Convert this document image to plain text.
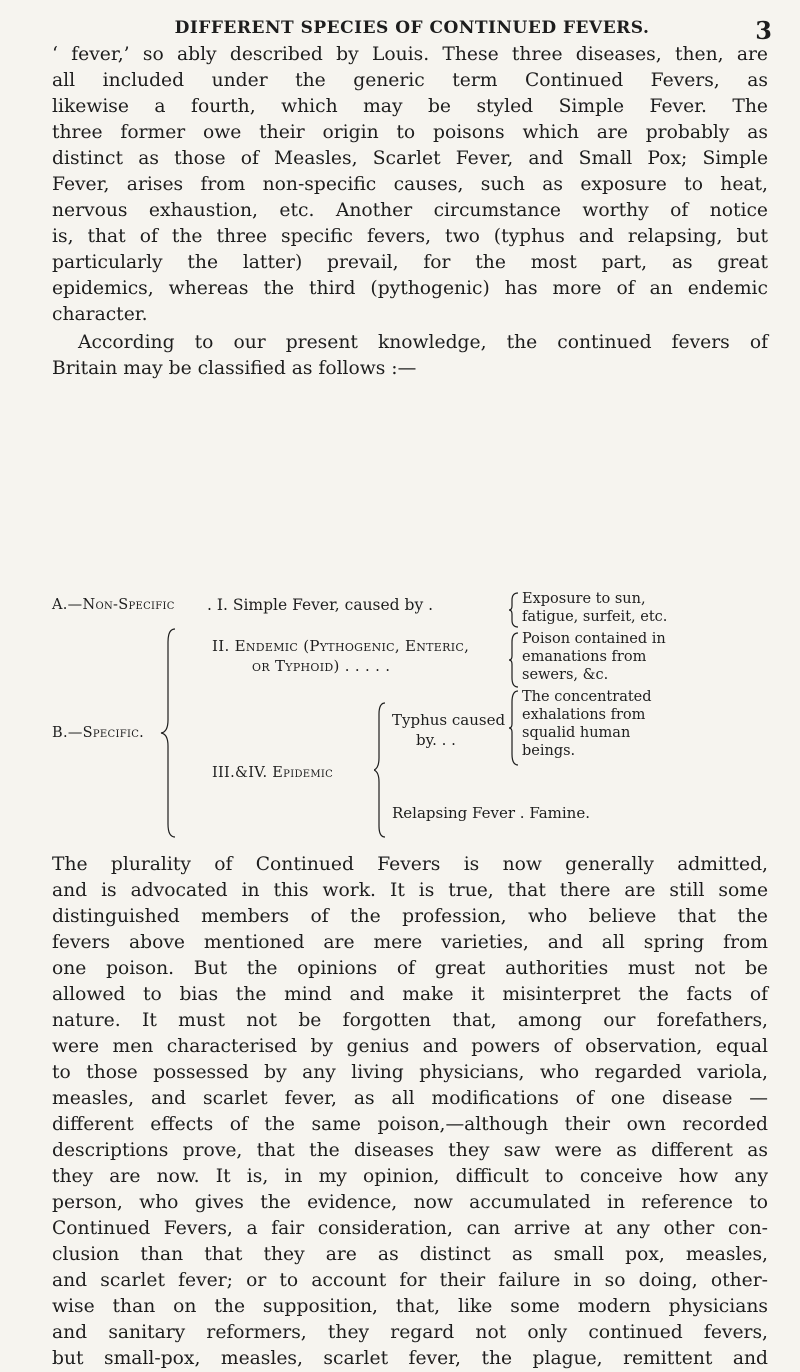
DIFFERENT SPECIES OF CONTINUED FEVERS.	3
‘ fever,’ so ably described by Louis. These three diseases, then, are
all included under the generic term Continued Fevers, as
likewise a fourth, which may be styled Simple Fever. The
three former owe their origin to poisons which are probably as
distinct as those of Measles, Scarlet Fever, and Small Pox; Simple
Fever, arises from non-specific causes, such as exposure to heat,
nervous exhaustion, etc. Another circumstance worthy of notice
is, that of the three specific fevers, two (typhus and relapsing, but
particularly the latter) prevail, for the most part, as great
epidemics, whereas the third (pythogenic) has more of an endemic
character.
According to our present knowledge, the continued fevers of
Britain may be classified as follows :—
A.—Non-Specific . I. Simple Fever, caused by .	Exposure to sun,
fatigue, surfeit, etc.
B.—Specific.
II. Endemic (Pythogenic, Enteric,
or Typhoid) . . . . .
Poison contained in
emanations from
sewers, &c.
III.&IV. Epidemic
Typhus caused
by. . .
The concentrated
exhalations from
squalid human
beings.
Relapsing Fever . Famine.
The plurality of Continued Fevers is now generally admitted,
and is advocated in this work. It is true, that there are still some
distinguished members of the profession, who believe that the
fevers above mentioned are mere varieties, and all spring from
one poison. But the opinions of great authorities must not be
allowed to bias the mind and make it misinterpret the facts of
nature. It must not be forgotten that, among our forefathers,
were men characterised by genius and powers of observation, equal
to those possessed by any living physicians, who regarded variola,
measles, and scarlet fever, as all modifications of one disease —
different effects of the same poison,—although their own recorded
descriptions prove, that the diseases they saw were as different as
they are now. It is, in my opinion, difficult to conceive how any
person, who gives the evidence, now accumulated in reference to
Continued Fevers, a fair consideration, can arrive at any other con-
clusion than that they are as distinct as small pox, measles,
and scarlet fever; or to account for their failure in so doing, other-
wise than on the supposition, that, like some modern physicians
and sanitary reformers, they regard not only continued fevers,
but small-pox, measles, scarlet fever, the plague, remittent and
